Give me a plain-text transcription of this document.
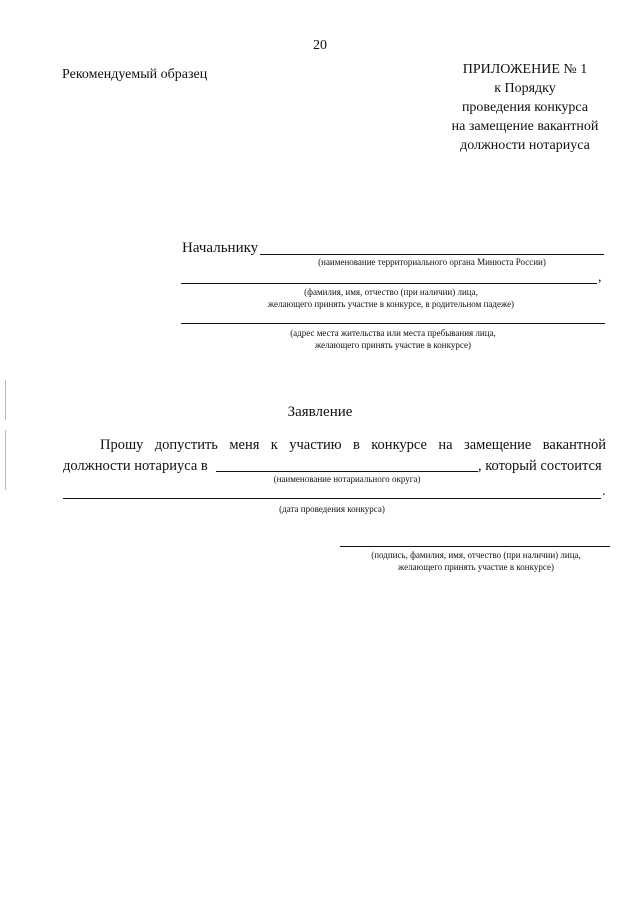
20
Рекомендуемый образец	ПРИЛОЖЕНИЕ № 1
к Порядку
проведения конкурса
на замещение вакантной
должности нотариуса
Начальнику
(наименование территориального органа Минюста России)
,
(фамилия, имя, отчество (при наличии) лица,
желающего принять участие в конкурсе, в родительном падеже)
(адрес места жительства или места пребывания лица,
желающего принять участие в конкурсе)
Заявление
Прошу допустить меня к участию в конкурсе на замещение вакантной
должности нотариуса в	, который состоится
(наименование нотариального округа)
.
(дата проведения конкурса)
(подпись, фамилия, имя, отчество (при наличии) лица,
желающего принять участие в конкурсе)
